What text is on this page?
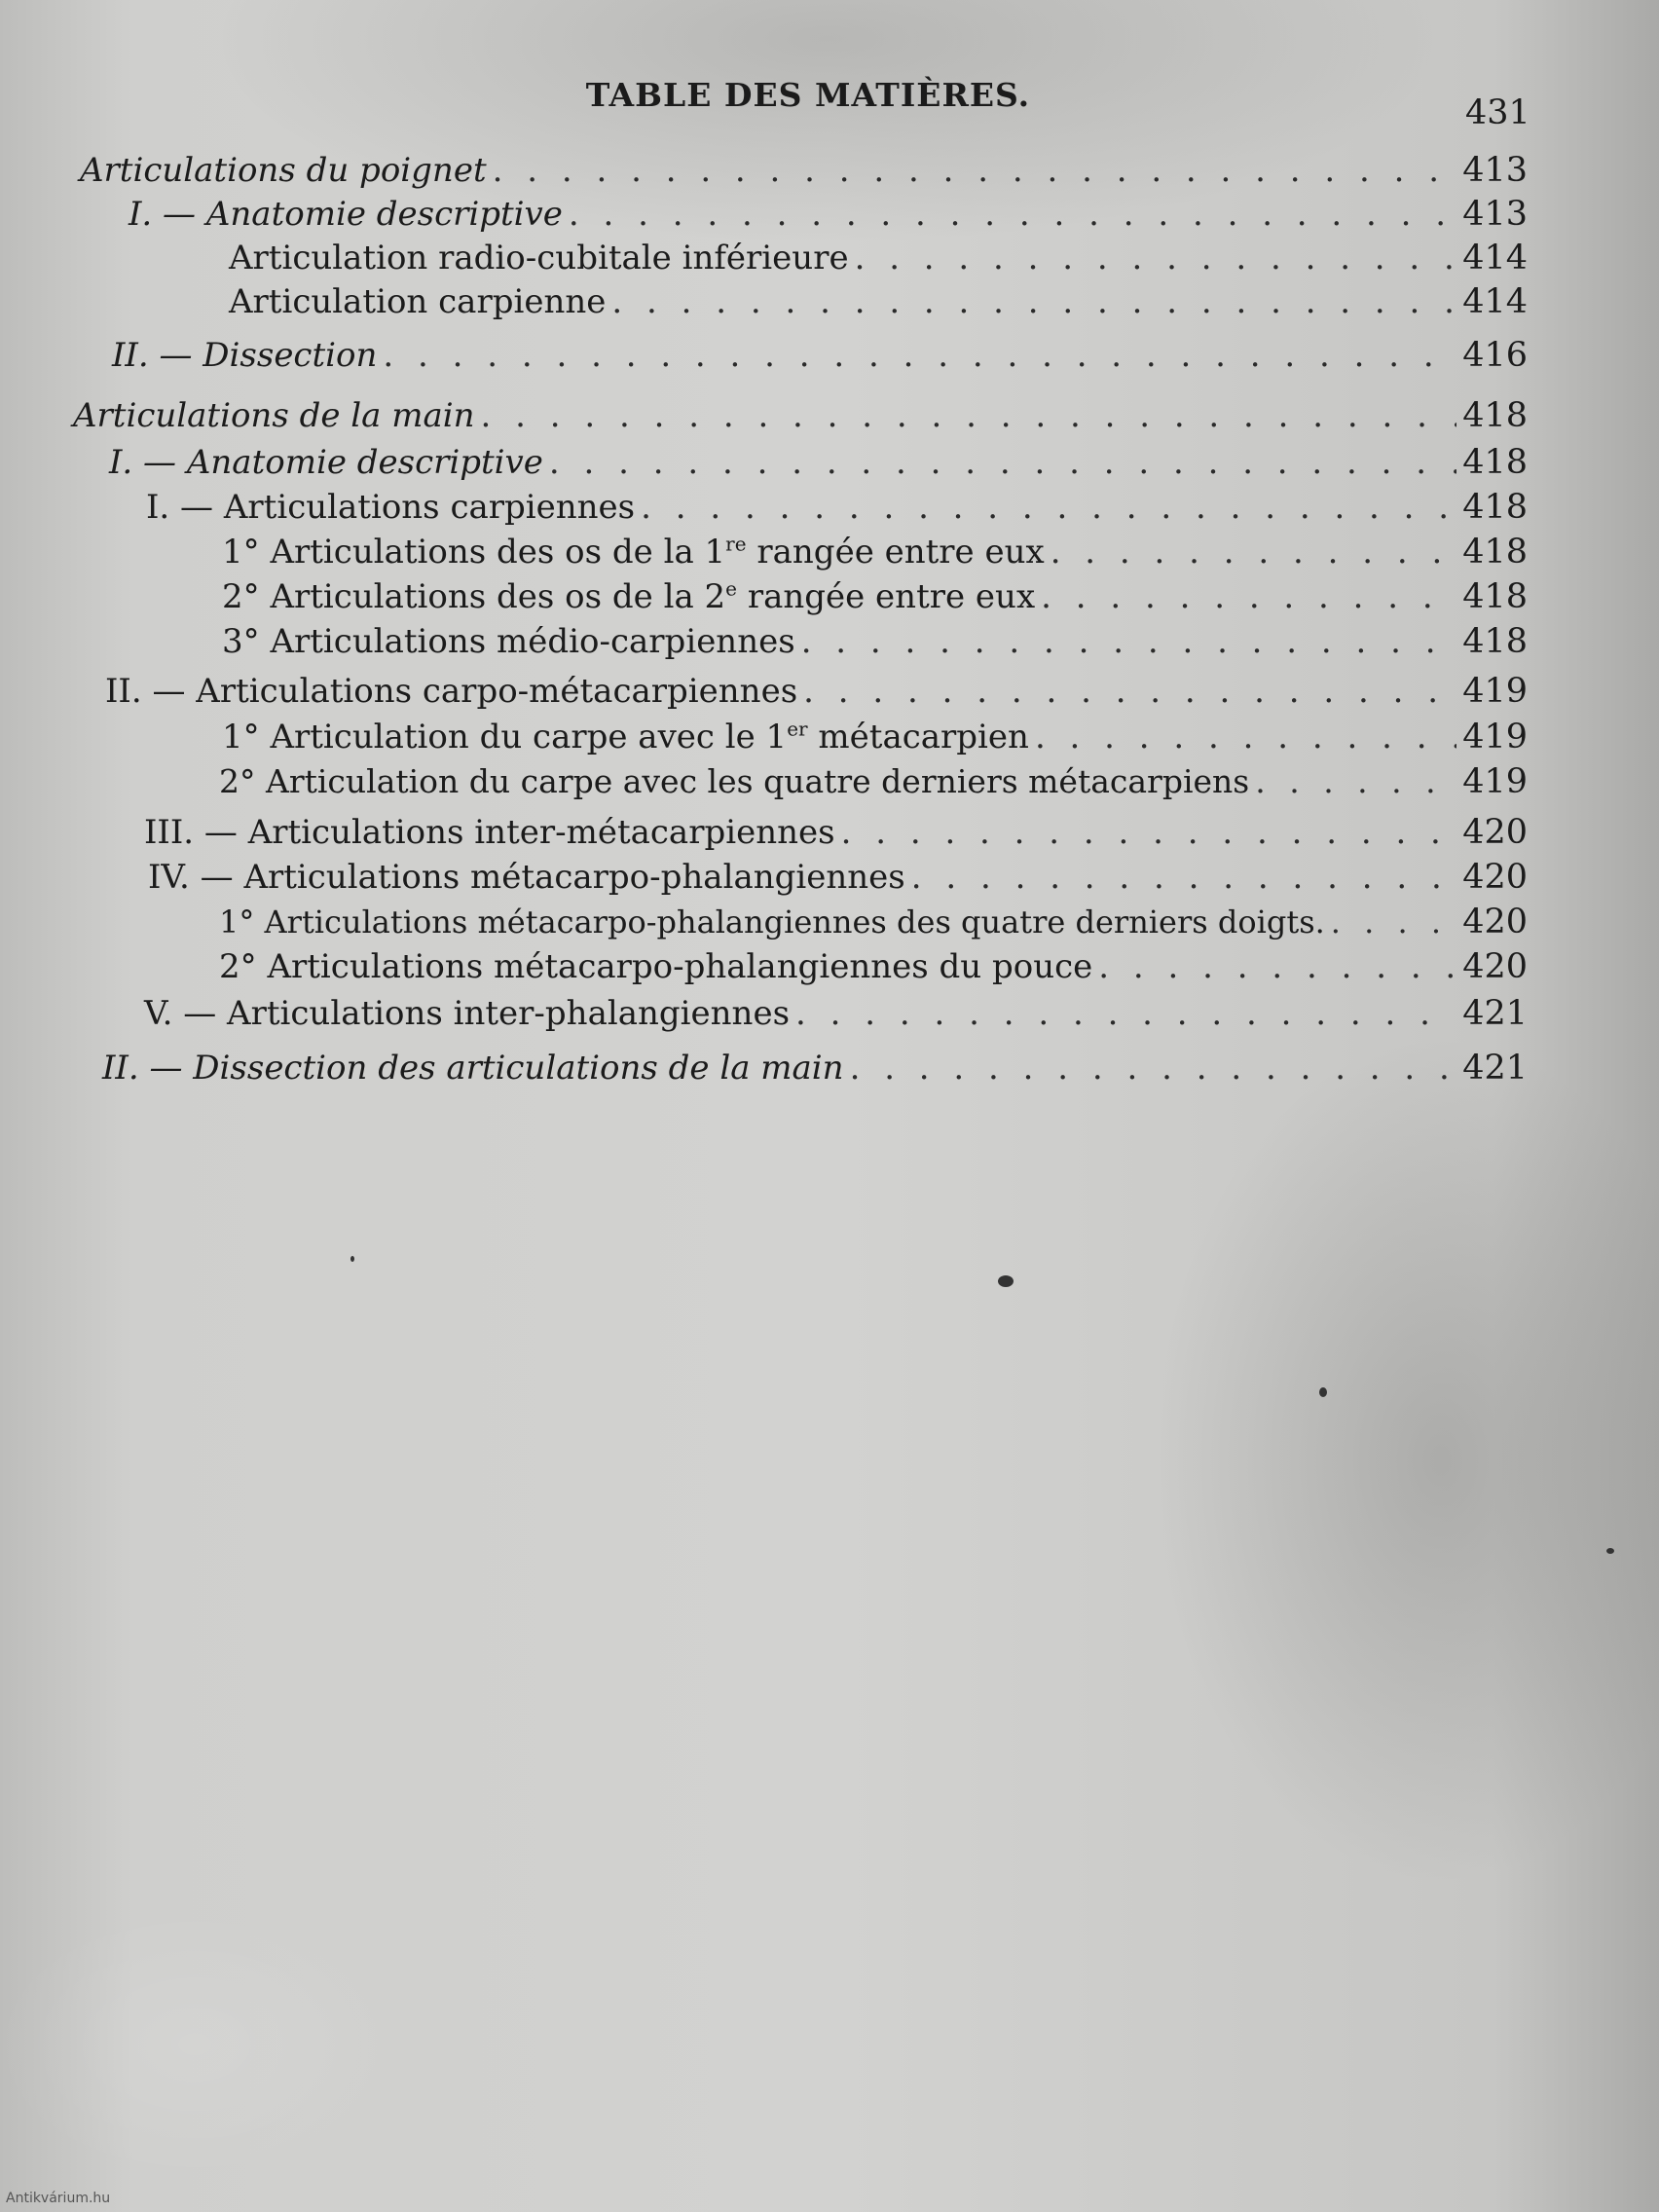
TABLE DES MATIÈRES.	431
Articulations du poignet . . .	413
I. — Anatomie descriptive . . .	413
Articulation radio-cubitale inférieure . . .	414
Articulation carpienne . . .	414
II. — Dissection . . .	416
Articulations de la main . . .	418
I. — Anatomie descriptive . . .	418
I. — Articulations carpiennes . . .	418
1° Articulations des os de la 1re rangée entre eux . . .	418
2° Articulations des os de la 2e rangée entre eux . . .	418
3° Articulations médio-carpiennes . . .	418
II. — Articulations carpo-métacarpiennes . . .	419
1° Articulation du carpe avec le 1er métacarpien . . .	419
2° Articulation du carpe avec les quatre derniers métacarpiens . . .	419
III. — Articulations inter-métacarpiennes . . .	420
IV. — Articulations métacarpo-phalangiennes . . .	420
1° Articulations métacarpo-phalangiennes des quatre derniers doigts. . . .	420
2° Articulations métacarpo-phalangiennes du pouce . . .	420
V. — Articulations inter-phalangiennes . . .	421
II. — Dissection des articulations de la main . . .	421
Antikvárium.hu
